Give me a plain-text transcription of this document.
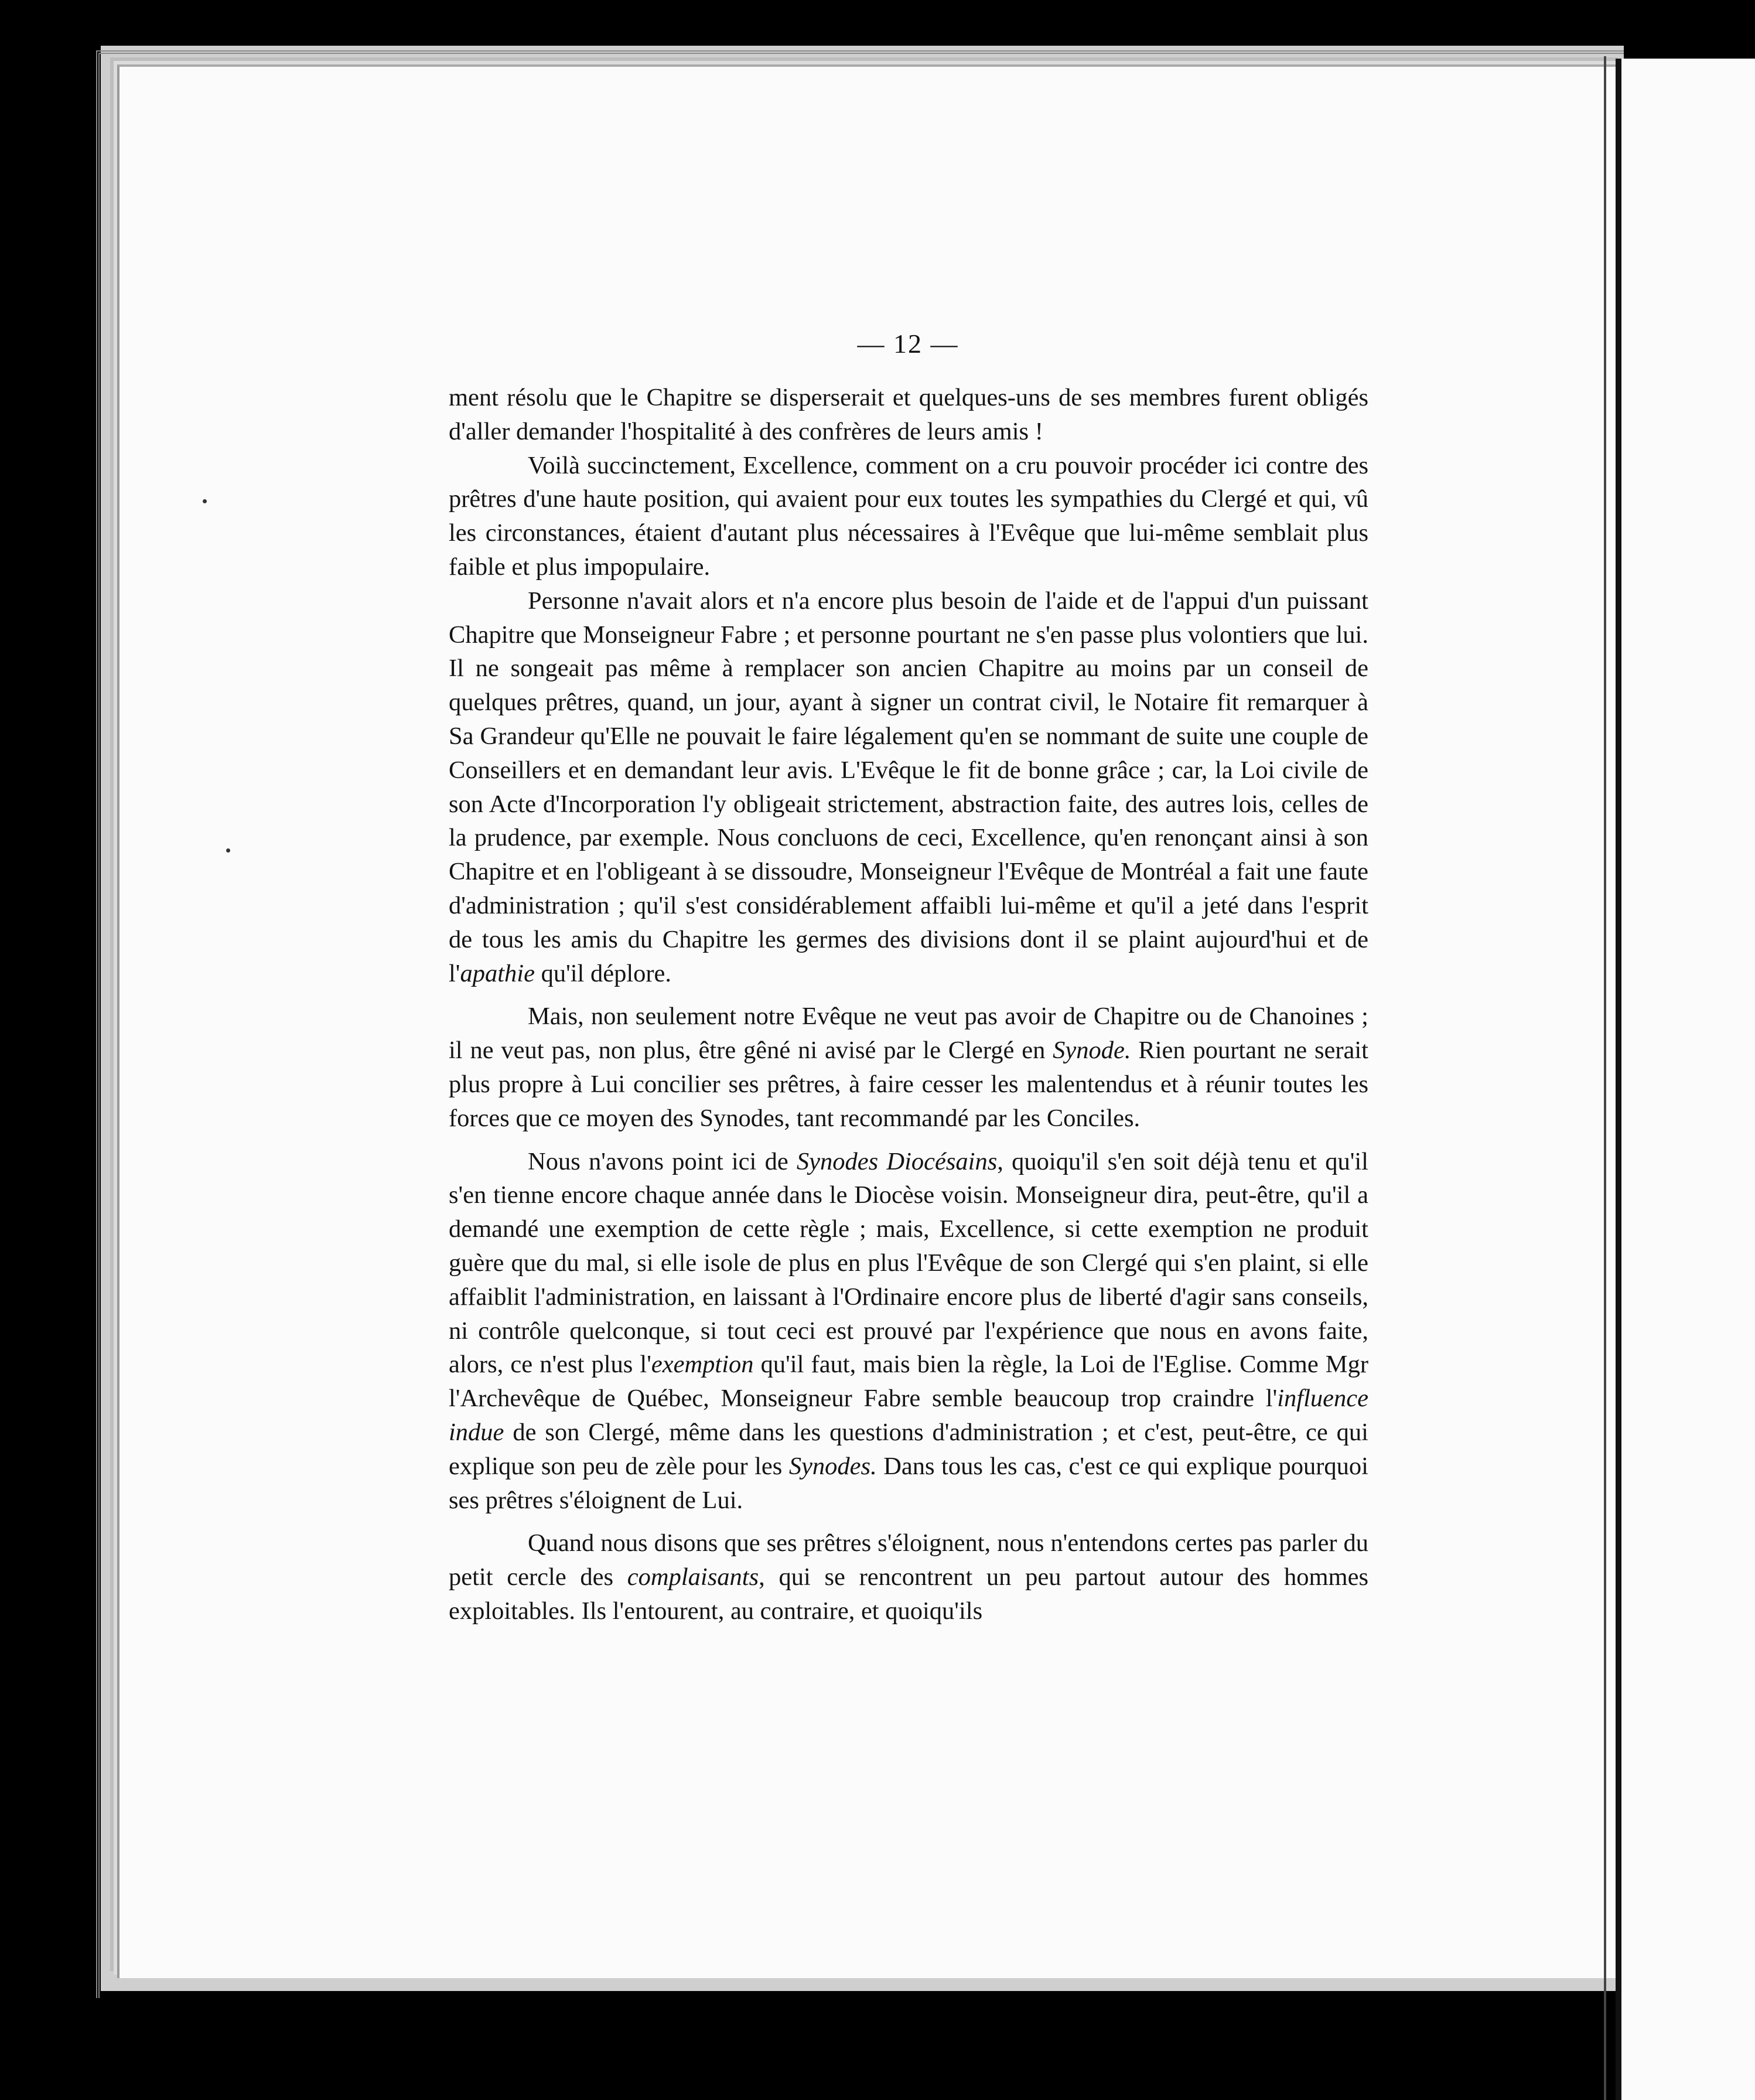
— 12 —

ment résolu que le Chapitre se disperserait et quelques-uns de ses membres furent obligés d'aller demander l'hospitalité à des confrères de leurs amis !

Voilà succinctement, Excellence, comment on a cru pouvoir procéder ici contre des prêtres d'une haute position, qui avaient pour eux toutes les sympathies du Clergé et qui, vû les circonstances, étaient d'autant plus nécessaires à l'Evêque que lui-même semblait plus faible et plus impopulaire.

Personne n'avait alors et n'a encore plus besoin de l'aide et de l'appui d'un puissant Chapitre que Monseigneur Fabre ; et personne pourtant ne s'en passe plus volontiers que lui. Il ne songeait pas même à remplacer son ancien Chapitre au moins par un conseil de quelques prêtres, quand, un jour, ayant à signer un contrat civil, le Notaire fit remarquer à Sa Grandeur qu'Elle ne pouvait le faire légalement qu'en se nommant de suite une couple de Conseillers et en demandant leur avis. L'Evêque le fit de bonne grâce ; car, la Loi civile de son Acte d'Incorporation l'y obligeait strictement, abstraction faite, des autres lois, celles de la prudence, par exemple. Nous concluons de ceci, Excellence, qu'en renonçant ainsi à son Chapitre et en l'obligeant à se dissoudre, Monseigneur l'Evêque de Montréal a fait une faute d'administration ; qu'il s'est considérablement affaibli lui-même et qu'il a jeté dans l'esprit de tous les amis du Chapitre les germes des divisions dont il se plaint aujourd'hui et de l'apathie qu'il déplore.

Mais, non seulement notre Evêque ne veut pas avoir de Chapitre ou de Chanoines ; il ne veut pas, non plus, être gêné ni avisé par le Clergé en Synode. Rien pourtant ne serait plus propre à Lui concilier ses prêtres, à faire cesser les malentendus et à réunir toutes les forces que ce moyen des Synodes, tant recommandé par les Conciles.

Nous n'avons point ici de Synodes Diocésains, quoiqu'il s'en soit déjà tenu et qu'il s'en tienne encore chaque année dans le Diocèse voisin. Monseigneur dira, peut-être, qu'il a demandé une exemption de cette règle ; mais, Excellence, si cette exemption ne produit guère que du mal, si elle isole de plus en plus l'Evêque de son Clergé qui s'en plaint, si elle affaiblit l'administration, en laissant à l'Ordinaire encore plus de liberté d'agir sans conseils, ni contrôle quelconque, si tout ceci est prouvé par l'expérience que nous en avons faite, alors, ce n'est plus l'exemption qu'il faut, mais bien la règle, la Loi de l'Eglise. Comme Mgr l'Archevêque de Québec, Monseigneur Fabre semble beaucoup trop craindre l'influence indue de son Clergé, même dans les questions d'administration ; et c'est, peut-être, ce qui explique son peu de zèle pour les Synodes. Dans tous les cas, c'est ce qui explique pourquoi ses prêtres s'éloignent de Lui.

Quand nous disons que ses prêtres s'éloignent, nous n'entendons certes pas parler du petit cercle des complaisants, qui se rencontrent un peu partout autour des hommes exploitables. Ils l'entourent, au contraire, et quoiqu'ils
